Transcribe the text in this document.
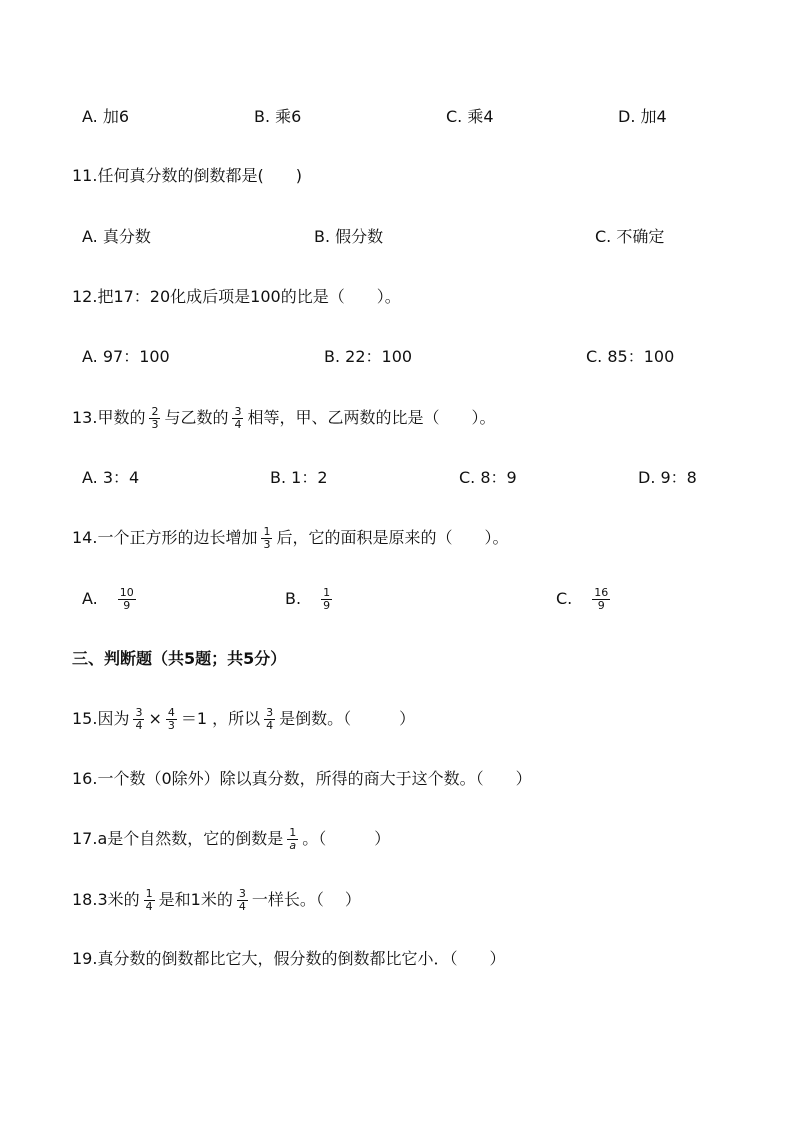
A. 加6	B. 乘6	C. 乘4	D. 加4
11.任何真分数的倒数都是(　　)
A. 真分数	B. 假分数	C. 不确定
12.把17：20化成后项是100的比是（　　）。
A. 97：100	B. 22：100	C. 85：100
13.甲数的 $\frac{2}{3}$ 与乙数的 $\frac{3}{4}$ 相等，甲、乙两数的比是（　　）。
A. 3：4	B. 1：2	C. 8：9	D. 9：8
14.一个正方形的边长增加 $\frac{1}{3}$ 后，它的面积是原来的（　　）。
A. $\frac{10}{9}$	B. $\frac{1}{9}$	C. $\frac{16}{9}$
三、判断题（共5题；共5分）
15.因为 $\frac{3}{4} \times \frac{4}{3} =1$ ，所以 $\frac{3}{4}$ 是倒数。（　　　）
16.一个数（0除外）除以真分数，所得的商大于这个数。（　　）
17.a是个自然数，它的倒数是 $\frac{1}{a}$ 。（　　　）
18.3米的 $\frac{1}{4}$ 是和1米的 $\frac{3}{4}$ 一样长。（　 ）
19.真分数的倒数都比它大，假分数的倒数都比它小．（　　）
